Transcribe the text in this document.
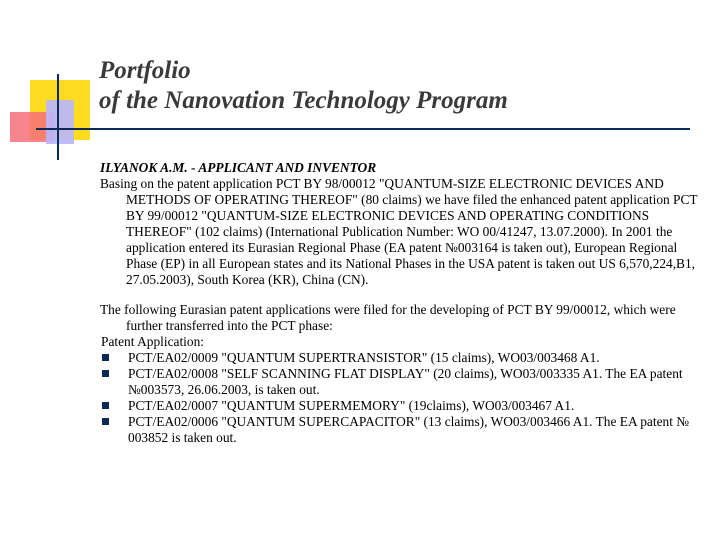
Portfolio
of the Nanovation Technology Program

ILYANOK A.M. - APPLICANT AND INVENTOR

Basing on the patent application PCT BY 98/00012 "QUANTUM-SIZE ELECTRONIC DEVICES AND METHODS OF OPERATING THEREOF" (80 claims) we have filed the enhanced patent application PCT BY 99/00012 "QUANTUM-SIZE ELECTRONIC DEVICES AND OPERATING CONDITIONS THEREOF" (102 claims) (International Publication Number: WO 00/41247, 13.07.2000). In 2001 the application entered its Eurasian Regional Phase (EA patent №003164 is taken out), European Regional Phase (EP) in all European states and its National Phases in the USA patent is taken out US 6,570,224,B1, 27.05.2003), South Korea (KR), China (CN).

The following Eurasian patent applications were filed for the developing of PCT BY 99/00012, which were further transferred into the PCT phase:

Patent Application:

PCT/EA02/0009 "QUANTUM SUPERTRANSISTOR" (15 claims), WO03/003468 A1.
PCT/EA02/0008 "SELF SCANNING FLAT DISPLAY" (20 claims), WO03/003335 A1. The EA patent №003573, 26.06.2003, is taken out.
PCT/EA02/0007 "QUANTUM SUPERMEMORY" (19claims), WO03/003467 A1.
PCT/EA02/0006 "QUANTUM SUPERCAPACITOR" (13 claims), WO03/003466 A1. The EA patent № 003852 is taken out.
